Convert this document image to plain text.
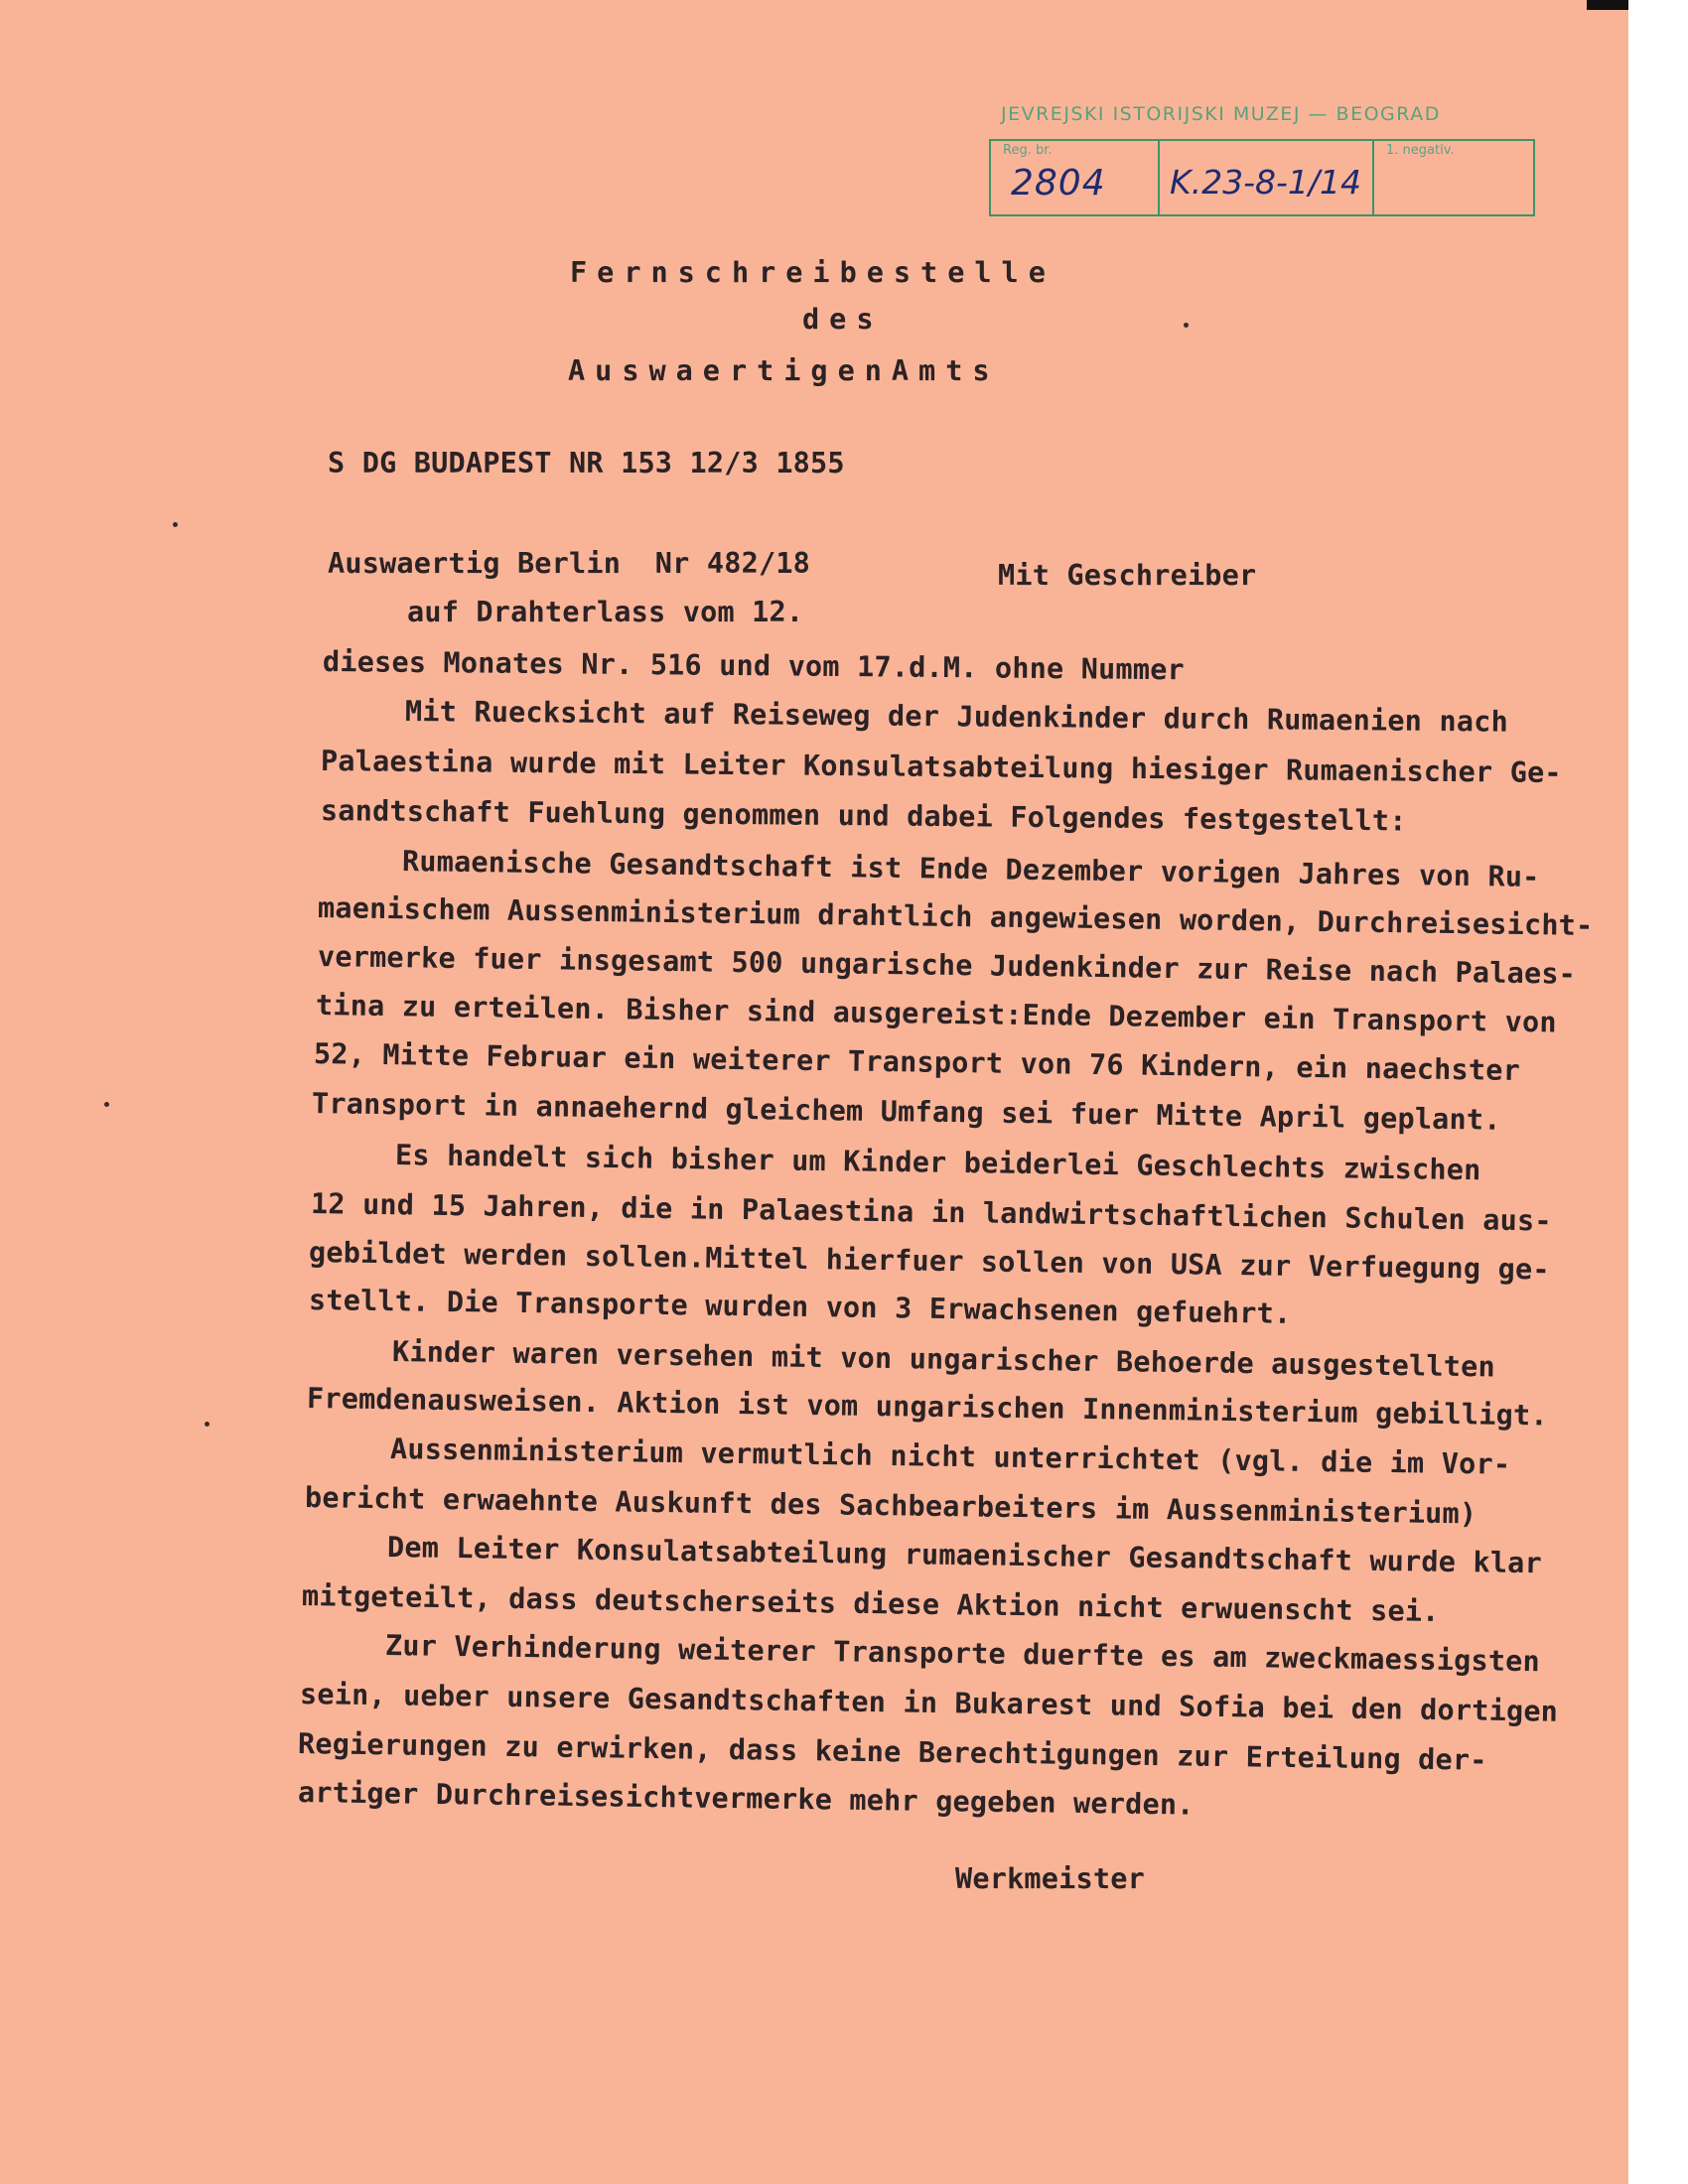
JEVREJSKI ISTORIJSKI MUZEJ — BEOGRAD
Reg. br.
2804 K.23-8-1/14
1. negativ.
Fernschreibestelle
des
AuswaertigenAmts
S DG BUDAPEST NR 153 12/3 1855
Auswaertig Berlin  Nr 482/18	Mit Geschreiber
auf Drahterlass vom 12.
dieses Monates Nr. 516 und vom 17.d.M. ohne Nummer
Mit Ruecksicht auf Reiseweg der Judenkinder durch Rumaenien nach
Palaestina wurde mit Leiter Konsulatsabteilung hiesiger Rumaenischer Ge-
sandtschaft Fuehlung genommen und dabei Folgendes festgestellt:
Rumaenische Gesandtschaft ist Ende Dezember vorigen Jahres von Ru-
maenischem Aussenministerium drahtlich angewiesen worden, Durchreisesicht-
vermerke fuer insgesamt 500 ungarische Judenkinder zur Reise nach Palaes-
tina zu erteilen. Bisher sind ausgereist:Ende Dezember ein Transport von
52, Mitte Februar ein weiterer Transport von 76 Kindern, ein naechster
Transport in annaehernd gleichem Umfang sei fuer Mitte April geplant.
Es handelt sich bisher um Kinder beiderlei Geschlechts zwischen
12 und 15 Jahren, die in Palaestina in landwirtschaftlichen Schulen aus-
gebildet werden sollen.Mittel hierfuer sollen von USA zur Verfuegung ge-
stellt. Die Transporte wurden von 3 Erwachsenen gefuehrt.
Kinder waren versehen mit von ungarischer Behoerde ausgestellten
Fremdenausweisen. Aktion ist vom ungarischen Innenministerium gebilligt.
Aussenministerium vermutlich nicht unterrichtet (vgl. die im Vor-
bericht erwaehnte Auskunft des Sachbearbeiters im Aussenministerium)
Dem Leiter Konsulatsabteilung rumaenischer Gesandtschaft wurde klar
mitgeteilt, dass deutscherseits diese Aktion nicht erwuenscht sei.
Zur Verhinderung weiterer Transporte duerfte es am zweckmaessigsten
sein, ueber unsere Gesandtschaften in Bukarest und Sofia bei den dortigen
Regierungen zu erwirken, dass keine Berechtigungen zur Erteilung der-
artiger Durchreisesichtvermerke mehr gegeben werden.
Werkmeister
